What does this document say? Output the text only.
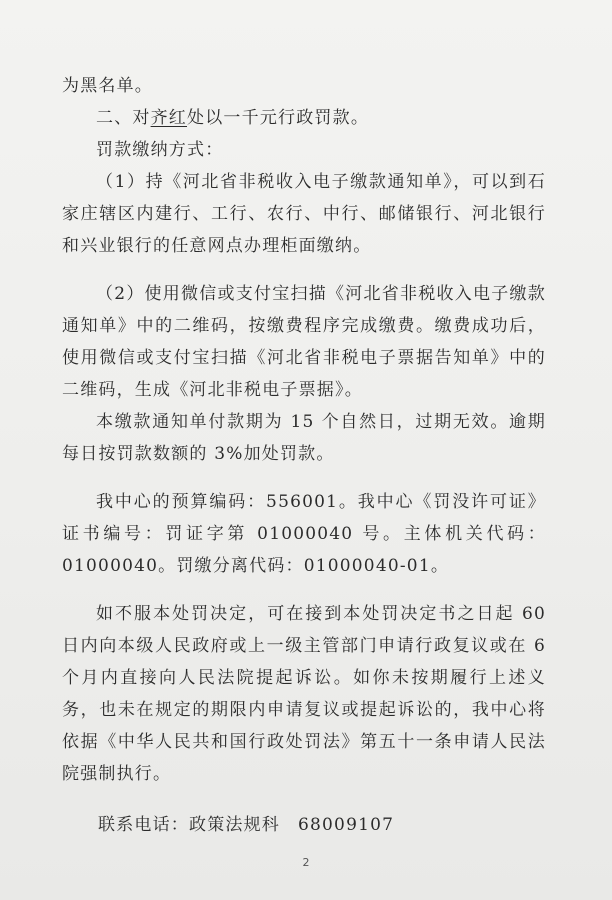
为黑名单。

二、对齐红处以一千元行政罚款。

罚款缴纳方式：

（1）持《河北省非税收入电子缴款通知单》，可以到石家庄辖区内建行、工行、农行、中行、邮储银行、河北银行和兴业银行的任意网点办理柜面缴纳。

（2）使用微信或支付宝扫描《河北省非税收入电子缴款通知单》中的二维码，按缴费程序完成缴费。缴费成功后，使用微信或支付宝扫描《河北省非税电子票据告知单》中的二维码，生成《河北非税电子票据》。

本缴款通知单付款期为 15 个自然日，过期无效。逾期每日按罚款数额的 3%加处罚款。

我中心的预算编码：556001。我中心《罚没许可证》证书编号：罚证字第 01000040 号。主体机关代码：01000040。罚缴分离代码：01000040-01。

如不服本处罚决定，可在接到本处罚决定书之日起 60 日内向本级人民政府或上一级主管部门申请行政复议或在 6 个月内直接向人民法院提起诉讼。如你未按期履行上述义务，也未在规定的期限内申请复议或提起诉讼的，我中心将依据《中华人民共和国行政处罚法》第五十一条申请人民法院强制执行。

联系电话：政策法规科 68009107
2
